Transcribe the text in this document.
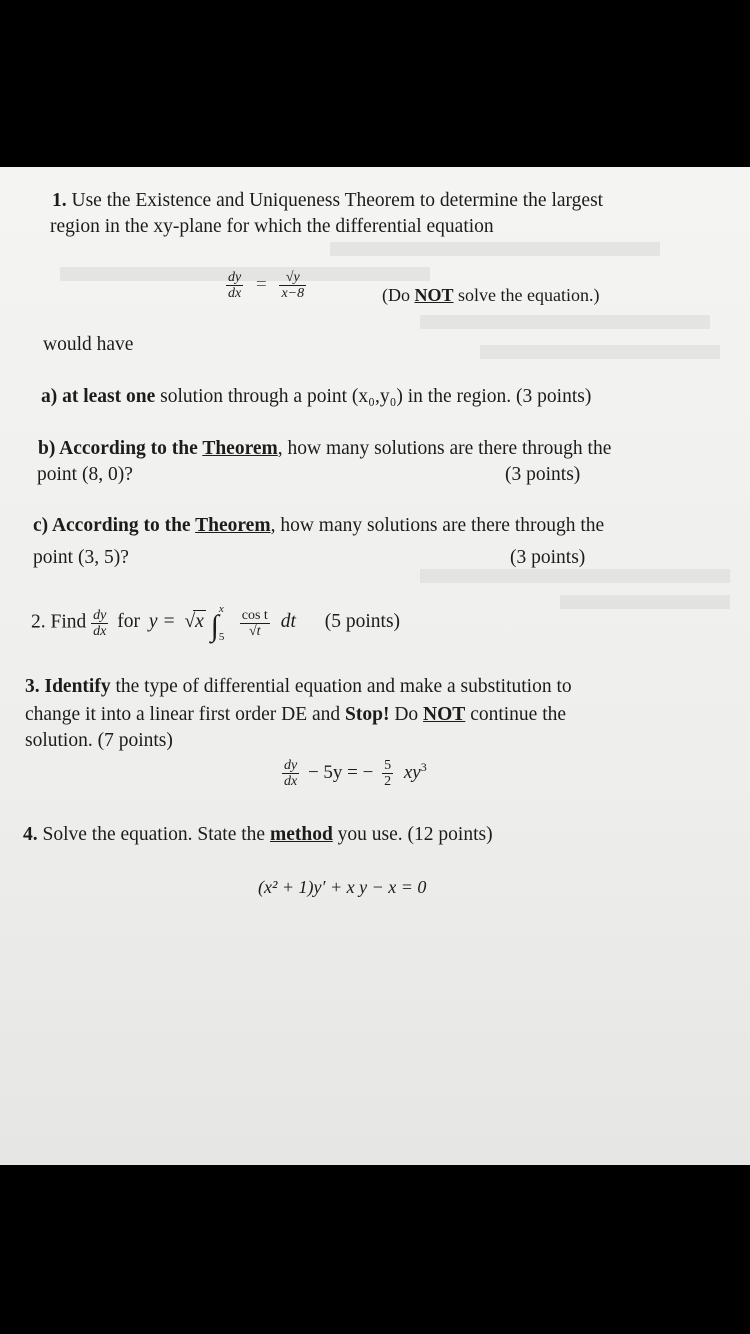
1. Use the Existence and Uniqueness Theorem to determine the largest
region in the xy-plane for which the differential equation
$\frac{dy}{dx} = \frac{√y}{x-8}$	(Do NOT solve the equation.)
would have
a) at least one solution through a point (x₀,y₀) in the region. (3 points)
b) According to the Theorem, how many solutions are there through the
point (8, 0)?	(3 points)
c) According to the Theorem, how many solutions are there through the
point (3, 5)?	(3 points)
2. Find $\frac{dy}{dx}$ for y = √x ∫
x
5
	$\frac{\text{cos t}}{√t}$ dt (5 points)
3. Identify the type of differential equation and make a substitution to
change it into a linear first order DE and Stop! Do NOT continue the
solution. (7 points)
$\frac{dy}{dx} - 5y$ = − $\frac{5}{2} xy^3$
4. Solve the equation. State the method you use. (12 points)
(x² + 1)y′ + x y − x = 0
